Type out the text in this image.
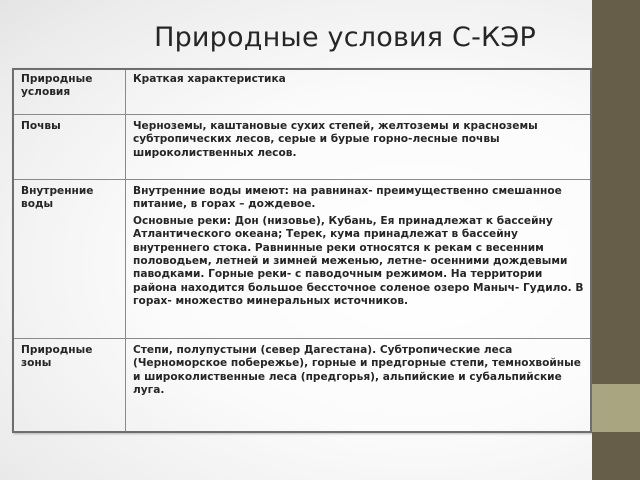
Природные условия С-КЭР
Природные условия	Краткая характеристика
Почвы	Черноземы, каштановые сухих степей, желтоземы и красноземы субтропических лесов, серые и бурые горно-лесные почвы широколиственных лесов.

Внутренние воды	Внутренние воды имеют: на равнинах- преимущественно смешанное питание, в горах – дождевое.
Основные реки: Дон (низовье), Кубань, Ея принадлежат к бассейну Атлантического океана; Терек, кума принадлежат в бассейну внутреннего стока. Равнинные реки относятся к рекам с весенним половодьем, летней и зимней меженью, летне- осенними дождевыми паводками. Горные реки- с паводочным режимом. На территории района находится большое бессточное соленое озеро Маныч- Гудило. В горах- множество минеральных источников.

Природные зоны	Степи, полупустыни (север Дагестана). Субтропические леса (Черноморское побережье), горные и предгорные степи, темнохвойные и широколиственные леса (предгорья), альпийские и субальпийские луга.
